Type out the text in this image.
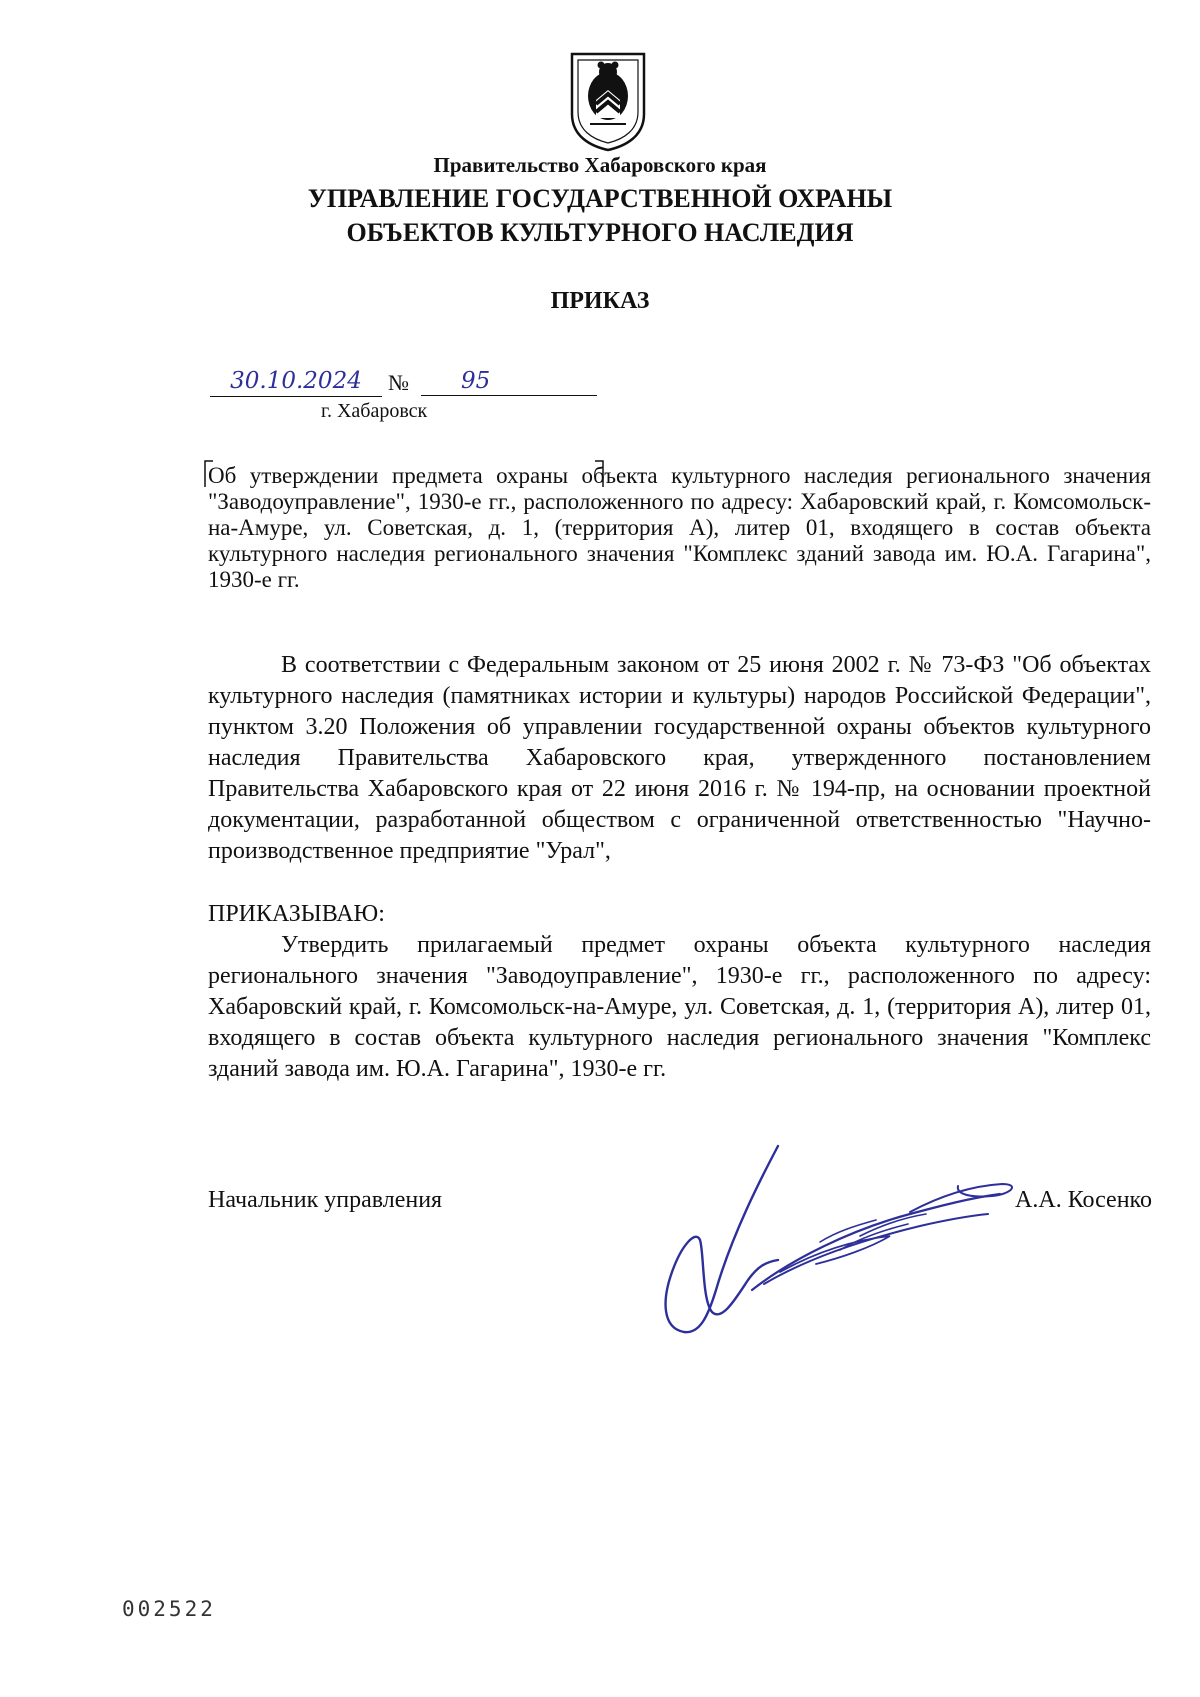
Правительство Хабаровского края
УПРАВЛЕНИЕ ГОСУДАРСТВЕННОЙ ОХРАНЫ
ОБЪЕКТОВ КУЛЬТУРНОГО НАСЛЕДИЯ
ПРИКАЗ
30.10.2024	№	95
г. Хабаровск
Об утверждении предмета охраны объекта культурного наследия регионального значения "Заводоуправление", 1930-е гг., расположенного по адресу: Хабаровский край, г. Комсомольск-на-Амуре, ул. Советская, д. 1, (территория А), литер 01, входящего в состав объекта культурного наследия регионального значения "Комплекс зданий завода им. Ю.А. Гагарина", 1930-е гг.
В соответствии с Федеральным законом от 25 июня 2002 г. № 73-ФЗ "Об объектах культурного наследия (памятниках истории и культуры) народов Российской Федерации", пунктом 3.20 Положения об управлении государственной охраны объектов культурного наследия Правительства Хабаровского края, утвержденного постановлением Правительства Хабаровского края от 22 июня 2016 г. № 194-пр, на основании проектной документации, разработанной обществом с ограниченной ответственностью "Научно-производственное предприятие "Урал",
ПРИКАЗЫВАЮ:
Утвердить прилагаемый предмет охраны объекта культурного наследия регионального значения "Заводоуправление", 1930-е гг., расположенного по адресу: Хабаровский край, г. Комсомольск-на-Амуре, ул. Советская, д. 1, (территория А), литер 01, входящего в состав объекта культурного наследия регионального значения "Комплекс зданий завода им. Ю.А. Гагарина", 1930-е гг.
Начальник управления	А.А. Косенко
002522
